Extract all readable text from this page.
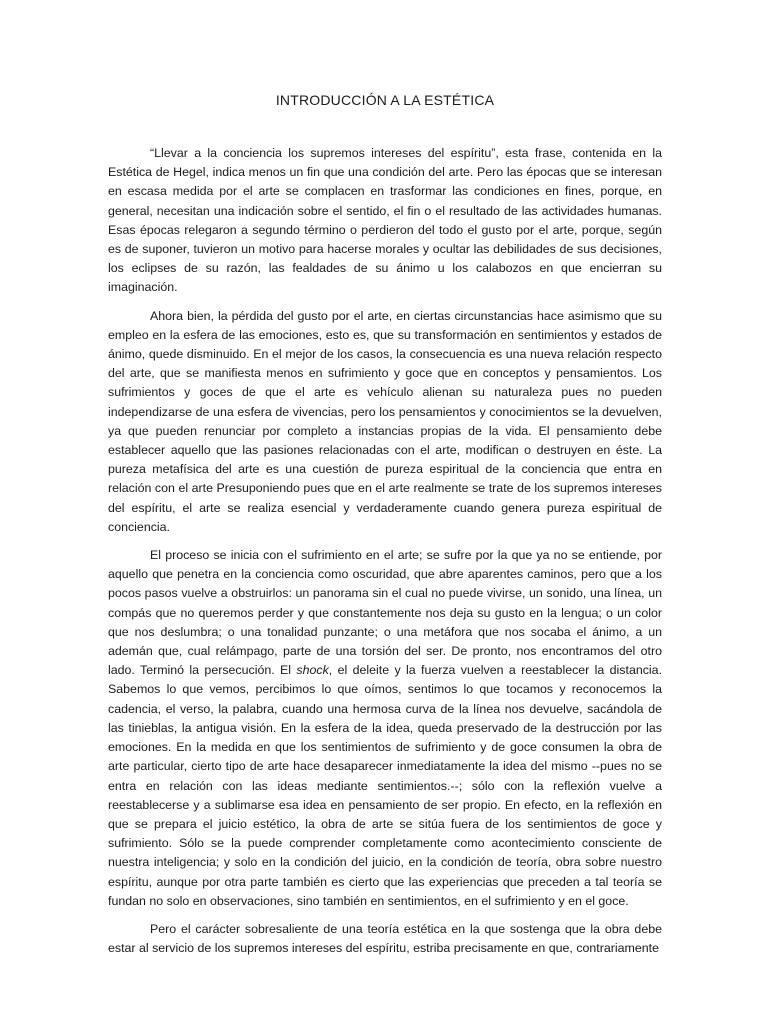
INTRODUCCIÓN A LA ESTÉTICA

“Llevar a la conciencia los supremos intereses del espíritu”, esta frase, contenida en la Estética de Hegel, indica menos un fin que una condición del arte. Pero las épocas que se interesan en escasa medida por el arte se complacen en trasformar las condiciones en fines, porque, en general, necesitan una indicación sobre el sentido, el fin o el resultado de las actividades humanas. Esas épocas relegaron a segundo término o perdieron del todo el gusto por el arte, porque, según es de suponer, tuvieron un motivo para hacerse morales y ocultar las debilidades de sus decisiones, los eclipses de su razón, las fealdades de su ánimo u los calabozos en que encierran su imaginación.

Ahora bien, la pérdida del gusto por el arte, en ciertas circunstancias hace asimismo que su empleo en la esfera de las emociones, esto es, que su transformación en sentimientos y estados de ánimo, quede disminuido. En el mejor de los casos, la consecuencia es una nueva relación respecto del arte, que se manifiesta menos en sufrimiento y goce que en conceptos y pensamientos. Los sufrimientos y goces de que el arte es vehículo alienan su naturaleza pues no pueden independizarse de una esfera de vivencias, pero los pensamientos y conocimientos se la devuelven, ya que pueden renunciar por completo a instancias propias de la vida. El pensamiento debe establecer aquello que las pasiones relacionadas con el arte, modifican o destruyen en éste. La pureza metafísica del arte es una cuestión de pureza espiritual de la conciencia que entra en relación con el arte Presuponiendo pues que en el arte realmente se trate de los supremos intereses del espíritu, el arte se realiza esencial y verdaderamente cuando genera pureza espiritual de conciencia.

El proceso se inicia con el sufrimiento en el arte; se sufre por la que ya no se entiende, por aquello que penetra en la conciencia como oscuridad, que abre aparentes caminos, pero que a los pocos pasos vuelve a obstruirlos: un panorama sin el cual no puede vivirse, un sonido, una línea, un compás que no queremos perder y que constantemente nos deja su gusto en la lengua; o un color que nos deslumbra; o una tonalidad punzante; o una metáfora que nos socaba el ánimo, a un ademán que, cual relámpago, parte de una torsión del ser. De pronto, nos encontramos del otro lado. Terminó la persecución. El shock, el deleite y la fuerza vuelven a reestablecer la distancia. Sabemos lo que vemos, percibimos lo que oímos, sentimos lo que tocamos y reconocemos la cadencia, el verso, la palabra, cuando una hermosa curva de la línea nos devuelve, sacándola de las tinieblas, la antigua visión. En la esfera de la idea, queda preservado de la destrucción por las emociones. En la medida en que los sentimientos de sufrimiento y de goce consumen la obra de arte particular, cierto tipo de arte hace desaparecer inmediatamente la idea del mismo --pues no se entra en relación con las ideas mediante sentimientos.--; sólo con la reflexión vuelve a reestablecerse y a sublimarse esa idea en pensamiento de ser propio. En efecto, en la reflexión en que se prepara el juicio estético, la obra de arte se sitúa fuera de los sentimientos de goce y sufrimiento. Sólo se la puede comprender completamente como acontecimiento consciente de nuestra inteligencia; y solo en la condición del juicio, en la condición de teoría, obra sobre nuestro espíritu, aunque por otra parte también es cierto que las experiencias que preceden a tal teoría se fundan no solo en observaciones, sino también en sentimientos, en el sufrimiento y en el goce.

Pero el carácter sobresaliente de una teoría estética en la que sostenga que la obra debe estar al servicio de los supremos intereses del espíritu, estriba precisamente en que, contrariamente
